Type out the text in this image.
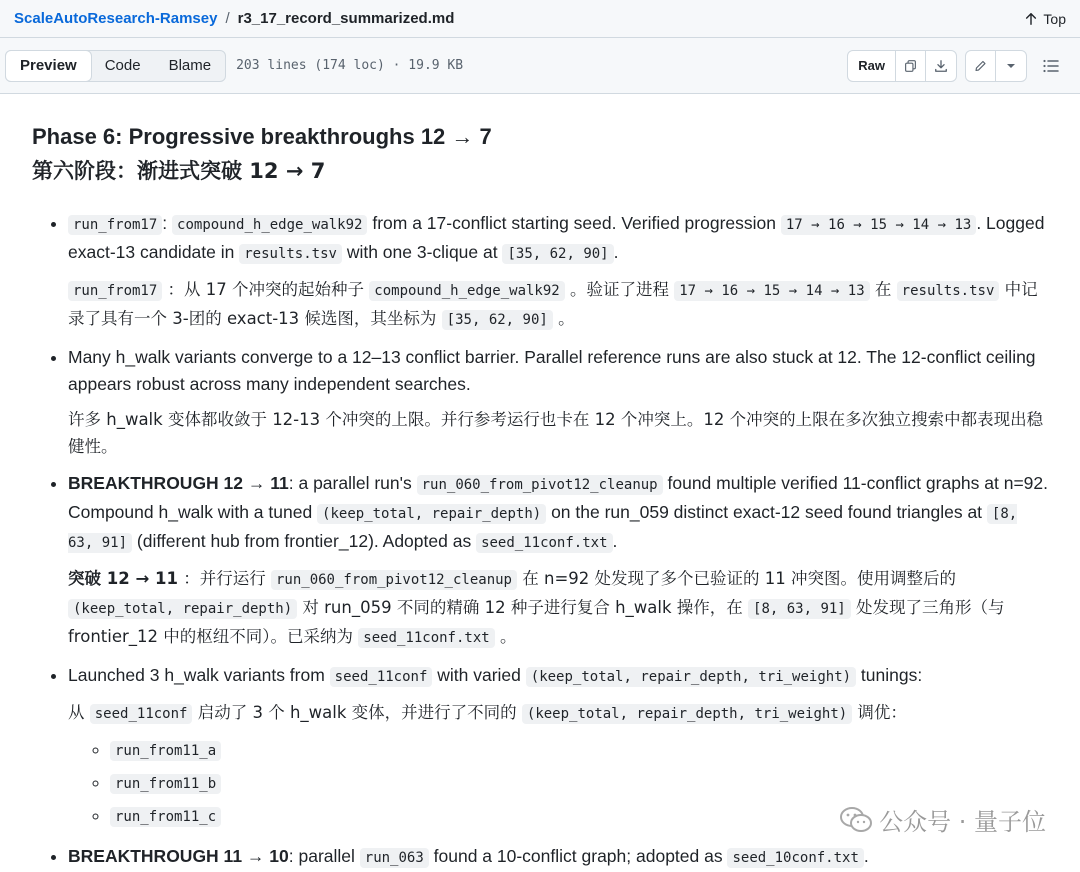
ScaleAutoResearch-Ramsey / r3_17_record_summarized.md	Top
Preview	Code	Blame	203 lines (174 loc) · 19.9 KB	Raw
Phase 6: Progressive breakthroughs 12 → 7
第六阶段：渐进式突破 12 → 7

• run_from17 : compound_h_edge_walk92 from a 17-conflict starting seed. Verified progression 17 → 16 → 15 → 14 → 13 . Logged exact-13 candidate in results.tsv with one 3-clique at [35, 62, 90] .

run_from17 ：从 17 个冲突的起始种子 compound_h_edge_walk92 。验证了进程 17 → 16 → 15 → 14 → 13 在 results.tsv 中记录了具有一个 3-团的 exact-13 候选图，其坐标为 [35, 62, 90] 。

• Many h_walk variants converge to a 12–13 conflict barrier. Parallel reference runs are also stuck at 12. The 12-conflict ceiling appears robust across many independent searches.

许多 h_walk 变体都收敛于 12-13 个冲突的上限。并行参考运行也卡在 12 个冲突上。12 个冲突的上限在多次独立搜索中都表现出稳健性。

• BREAKTHROUGH 12 → 11: a parallel run's run_060_from_pivot12_cleanup found multiple verified 11-conflict graphs at n=92. Compound h_walk with a tuned (keep_total, repair_depth) on the run_059 distinct exact-12 seed found triangles at [8, 63, 91] (different hub from frontier_12). Adopted as seed_11conf.txt .

突破 12 → 11 ：并行运行 run_060_from_pivot12_cleanup 在 n=92 处发现了多个已验证的 11 冲突图。使用调整后的 (keep_total, repair_depth) 对 run_059 不同的精确 12 种子进行复合 h_walk 操作，在 [8, 63, 91] 处发现了三角形（与 frontier_12 中的枢纽不同）。已采纳为 seed_11conf.txt 。

• Launched 3 h_walk variants from seed_11conf with varied (keep_total, repair_depth, tri_weight) tunings:

从 seed_11conf 启动了 3 个 h_walk 变体，并进行了不同的 (keep_total, repair_depth, tri_weight) 调优：

◦ run_from11_a
◦ run_from11_b
◦ run_from11_c

• BREAKTHROUGH 11 → 10: parallel run_063 found a 10-conflict graph; adopted as seed_10conf.txt .

公众号 · 量子位
